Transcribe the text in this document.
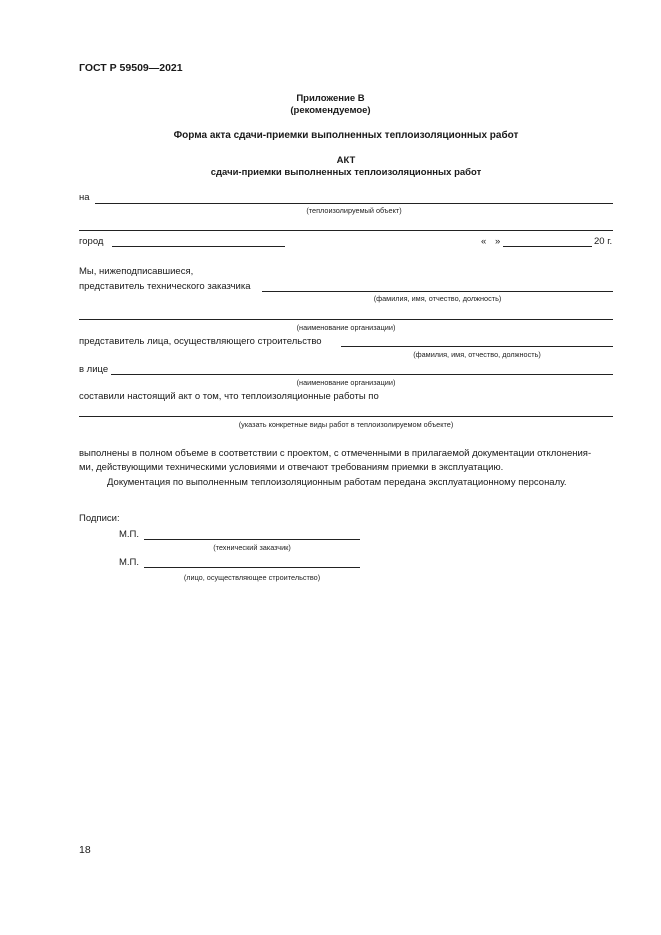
ГОСТ Р 59509—2021
Приложение В
(рекомендуемое)
Форма акта сдачи-приемки выполненных теплоизоляционных работ
АКТ
сдачи-приемки выполненных теплоизоляционных работ
на
(теплоизолируемый объект)
город	« »	20 г.
Мы, нижеподписавшиеся,
представитель технического заказчика
(фамилия, имя, отчество, должность)
(наименование организации)
представитель лица, осуществляющего строительство
(фамилия, имя, отчество, должность)
в лице
(наименование организации)
составили настоящий акт о том, что теплоизоляционные работы по
(указать конкретные виды работ в теплоизолируемом объекте)
выполнены в полном объеме в соответствии с проектом, с отмеченными в прилагаемой документации отклонения-
ми, действующими техническими условиями и отвечают требованиям приемки в эксплуатацию.
Документация по выполненным теплоизоляционным работам передана эксплуатационному персоналу.
Подписи:
М.П.
(технический заказчик)
М.П.
(лицо, осуществляющее строительство)
18
